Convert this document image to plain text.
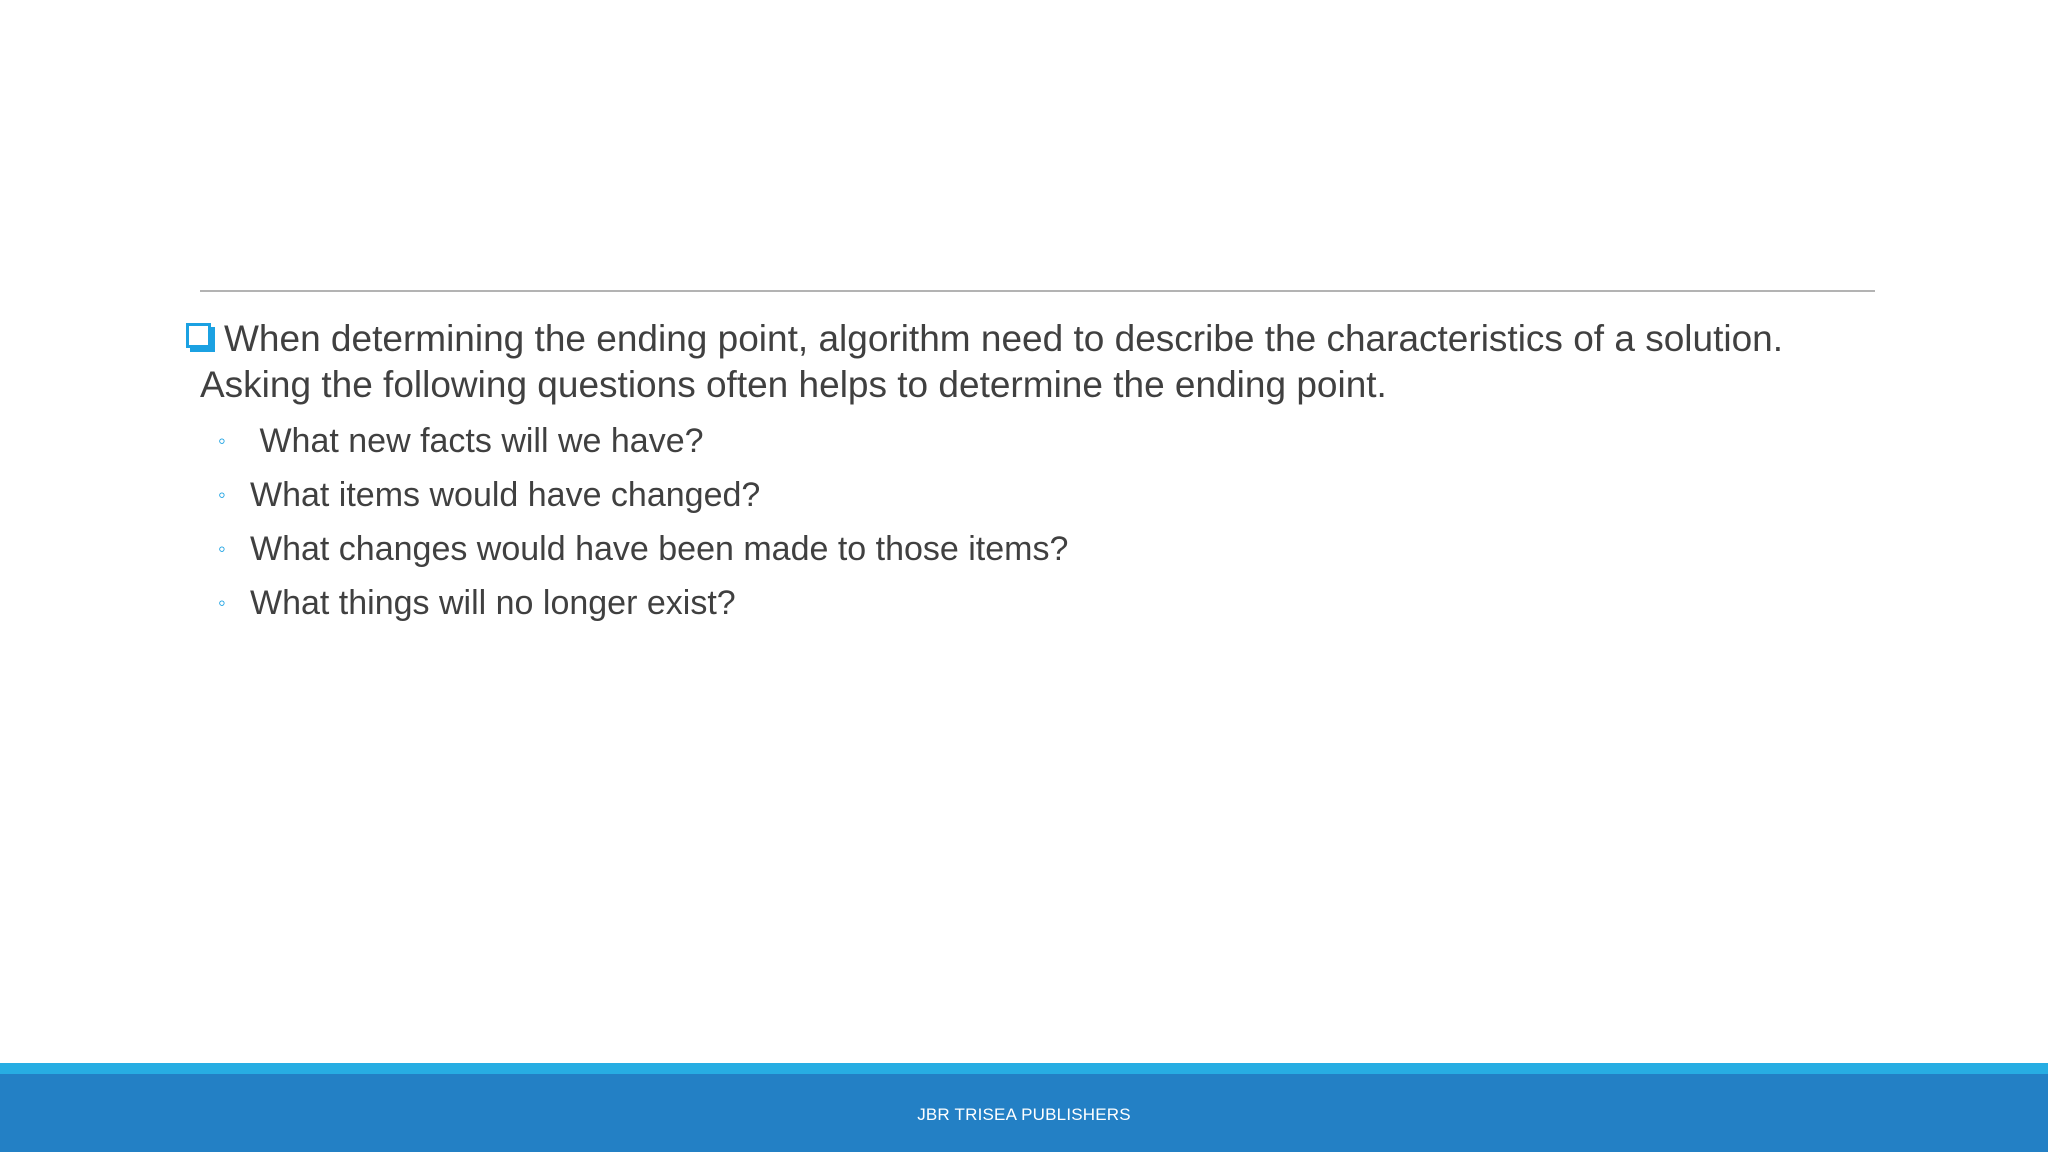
When determining the ending point, algorithm need to describe the characteristics of a solution. Asking the following questions often helps to determine the ending point.

◦ What new facts will we have?
◦ What items would have changed?
◦ What changes would have been made to those items?
◦ What things will no longer exist?
JBR TRISEA PUBLISHERS
